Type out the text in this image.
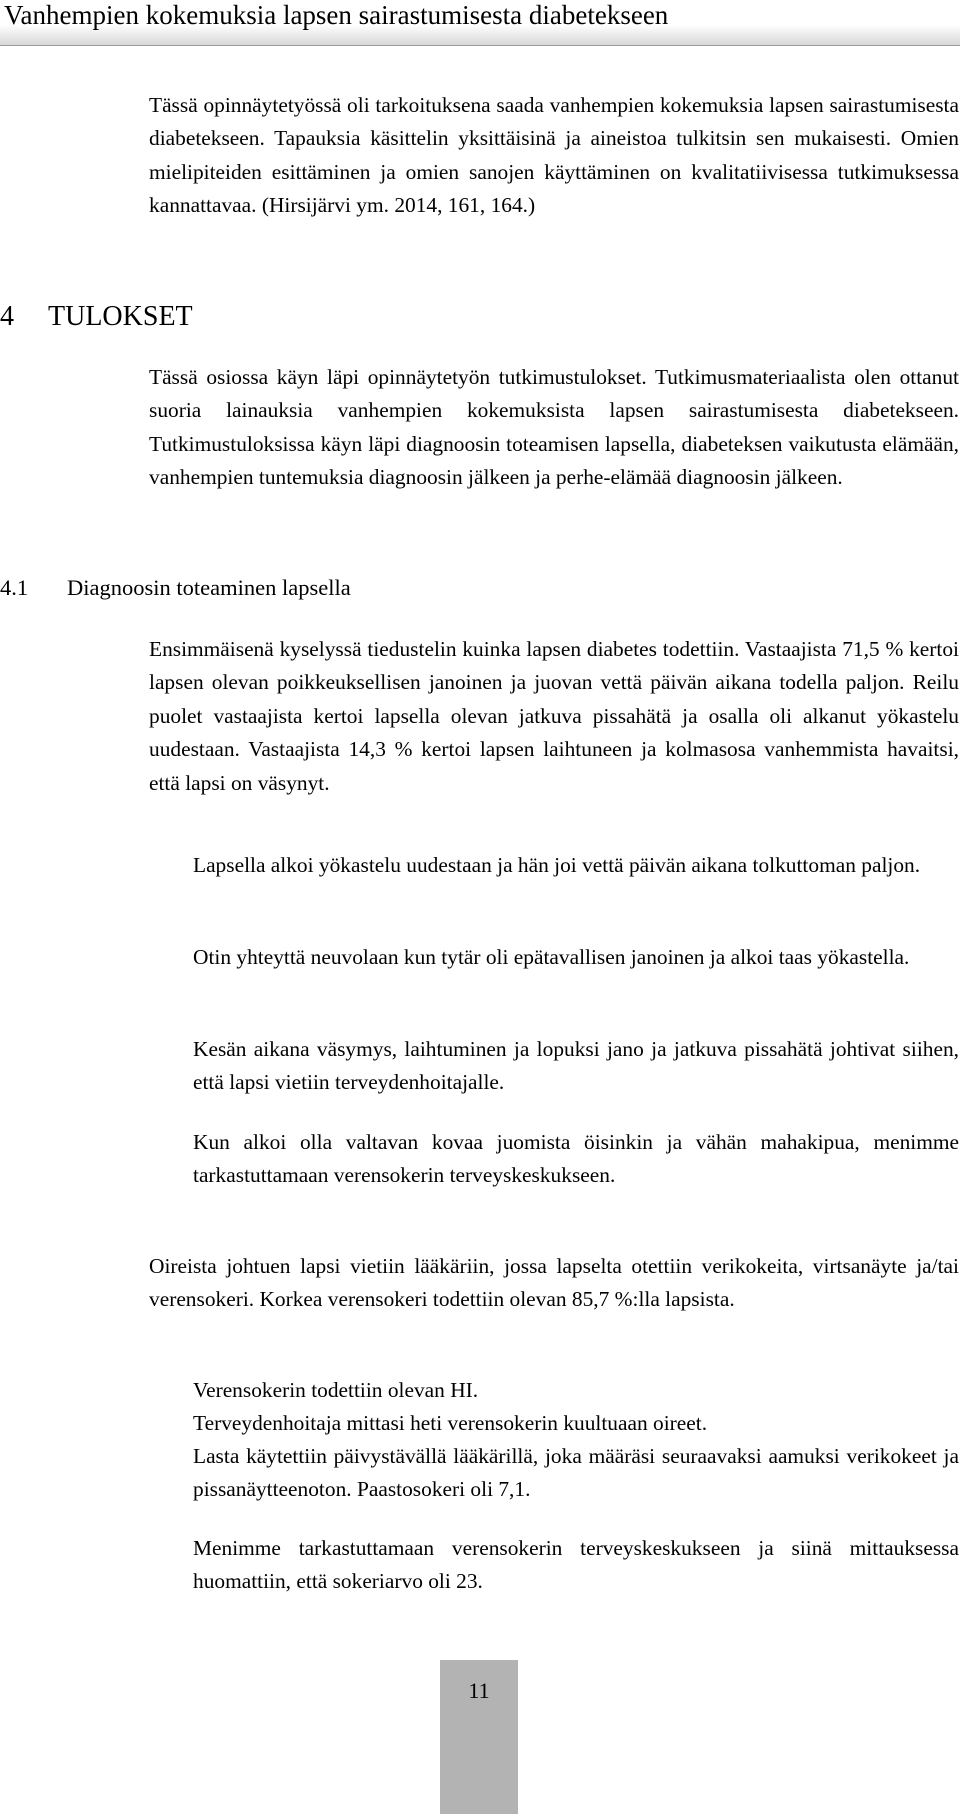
Vanhempien kokemuksia lapsen sairastumisesta diabetekseen

Tässä opinnäytetyössä oli tarkoituksena saada vanhempien kokemuksia lapsen sairastumisesta diabetekseen. Tapauksia käsittelin yksittäisinä ja aineistoa tulkitsin sen mukaisesti. Omien mielipiteiden esittäminen ja omien sanojen käyttäminen on kvalitatiivisessa tutkimuksessa kannattavaa. (Hirsijärvi ym. 2014, 161, 164.)

4 TULOKSET

Tässä osiossa käyn läpi opinnäytetyön tutkimustulokset. Tutkimusmateriaalista olen ottanut suoria lainauksia vanhempien kokemuksista lapsen sairastumisesta diabetekseen. Tutkimustuloksissa käyn läpi diagnoosin toteamisen lapsella, diabeteksen vaikutusta elämään, vanhempien tuntemuksia diagnoosin jälkeen ja perhe-elämää diagnoosin jälkeen.

4.1 Diagnoosin toteaminen lapsella

Ensimmäisenä kyselyssä tiedustelin kuinka lapsen diabetes todettiin. Vastaajista 71,5 % kertoi lapsen olevan poikkeuksellisen janoinen ja juovan vettä päivän aikana todella paljon. Reilu puolet vastaajista kertoi lapsella olevan jatkuva pissahätä ja osalla oli alkanut yökastelu uudestaan. Vastaajista 14,3 % kertoi lapsen laihtuneen ja kolmasosa vanhemmista havaitsi, että lapsi on väsynyt.

Lapsella alkoi yökastelu uudestaan ja hän joi vettä päivän aikana tolkuttoman paljon.

Otin yhteyttä neuvolaan kun tytär oli epätavallisen janoinen ja alkoi taas yökastella.

Kesän aikana väsymys, laihtuminen ja lopuksi jano ja jatkuva pissahätä johtivat siihen, että lapsi vietiin terveydenhoitajalle.

Kun alkoi olla valtavan kovaa juomista öisinkin ja vähän mahakipua, menimme tarkastuttamaan verensokerin terveyskeskukseen.

Oireista johtuen lapsi vietiin lääkäriin, jossa lapselta otettiin verikokeita, virtsanäyte ja/tai verensokeri. Korkea verensokeri todettiin olevan 85,7 %:lla lapsista.

Verensokerin todettiin olevan HI.

Terveydenhoitaja mittasi heti verensokerin kuultuaan oireet.

Lasta käytettiin päivystävällä lääkärillä, joka määräsi seuraavaksi aamuksi verikokeet ja pissanäytteenoton. Paastosokeri oli 7,1.

Menimme tarkastuttamaan verensokerin terveyskeskukseen ja siinä mittauksessa huomattiin, että sokeriarvo oli 23.

11
